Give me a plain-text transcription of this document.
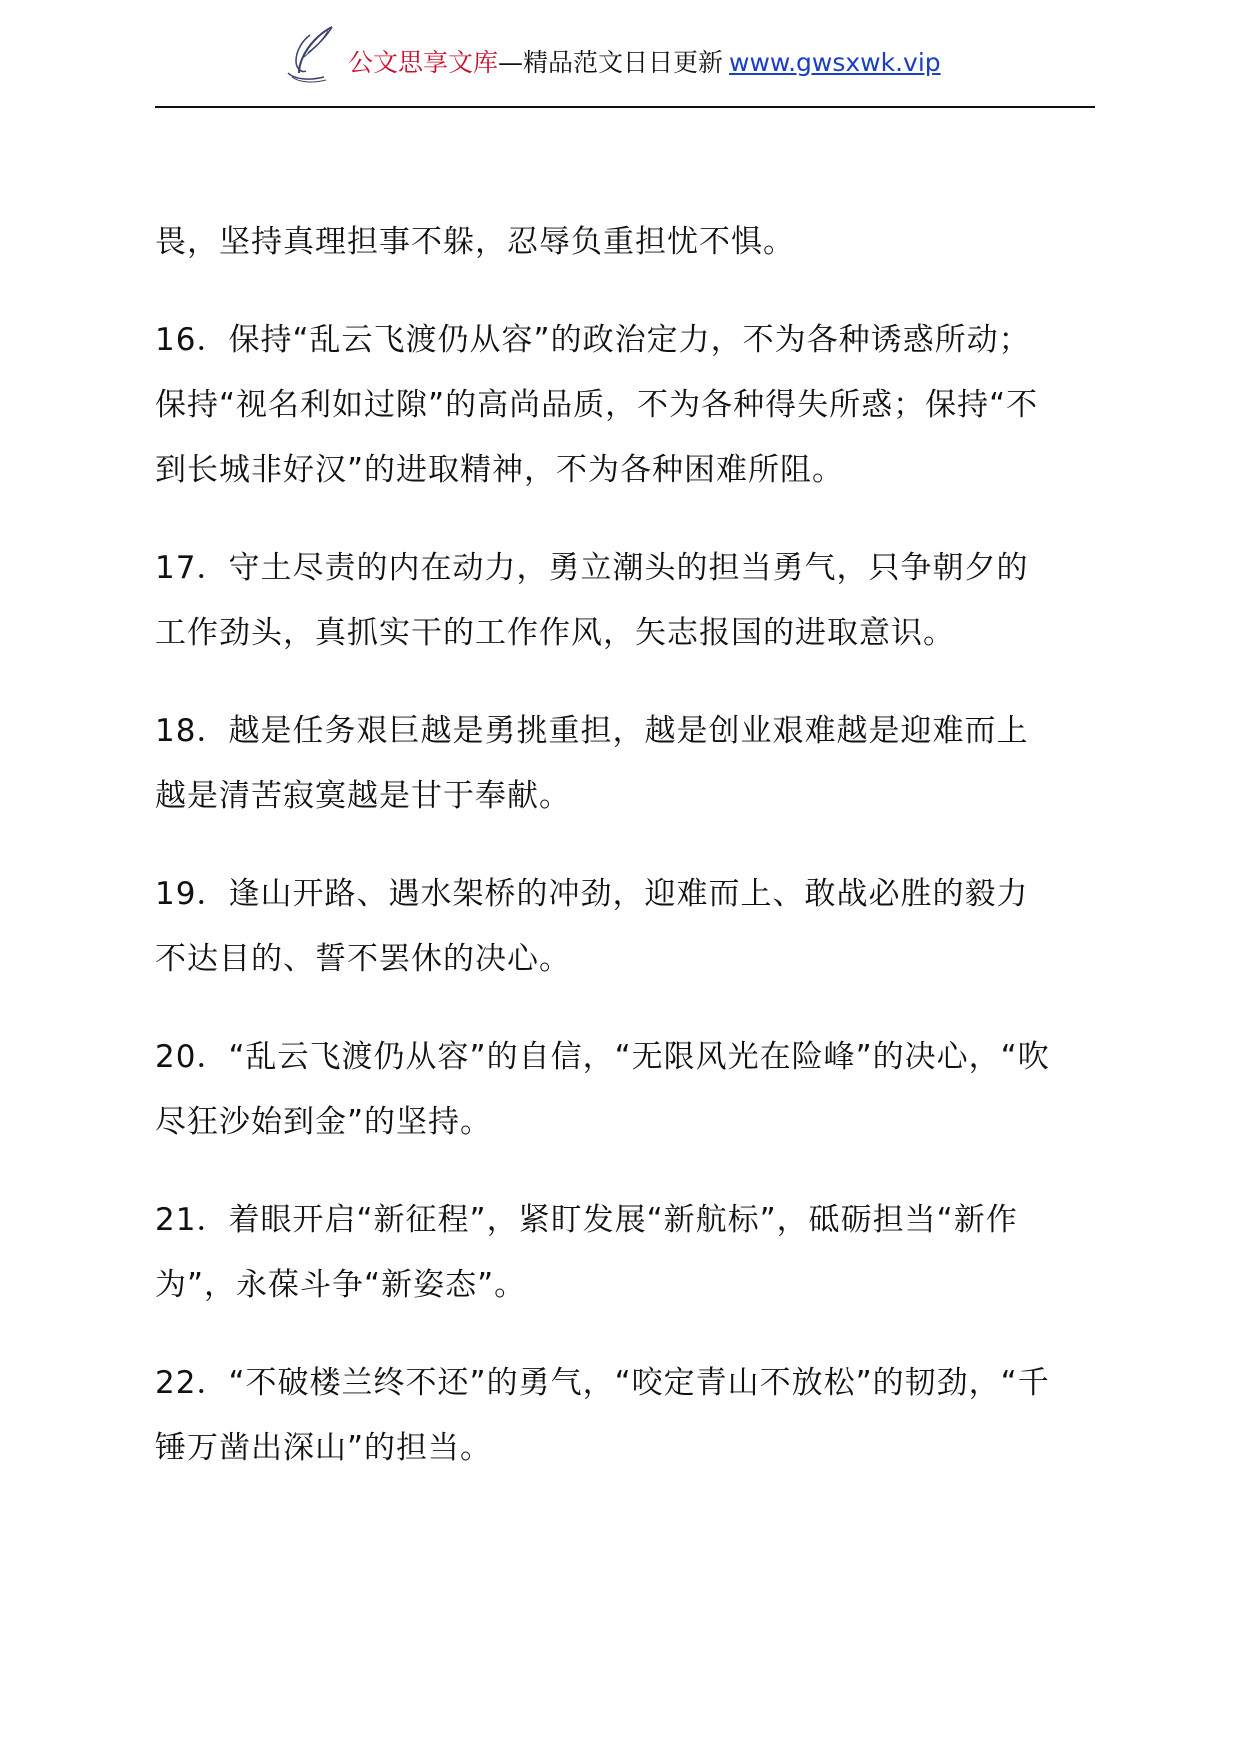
公文思享文库—精品范文日日更新 www.gwsxwk.vip

畏，坚持真理担事不躲，忍辱负重担忧不惧。

16．保持“乱云飞渡仍从容”的政治定力，不为各种诱惑所动；
保持“视名利如过隙”的高尚品质，不为各种得失所惑；保持“不
到长城非好汉”的进取精神，不为各种困难所阻。

17．守土尽责的内在动力，勇立潮头的担当勇气，只争朝夕的
工作劲头，真抓实干的工作作风，矢志报国的进取意识。

18．越是任务艰巨越是勇挑重担，越是创业艰难越是迎难而上
越是清苦寂寞越是甘于奉献。

19．逢山开路、遇水架桥的冲劲，迎难而上、敢战必胜的毅力
不达目的、誓不罢休的决心。

20．“乱云飞渡仍从容”的自信，“无限风光在险峰”的决心，“吹
尽狂沙始到金”的坚持。

21．着眼开启“新征程”，紧盯发展“新航标”，砥砺担当“新作
为”，永葆斗争“新姿态”。

22．“不破楼兰终不还”的勇气，“咬定青山不放松”的韧劲，“千
锤万凿出深山”的担当。
